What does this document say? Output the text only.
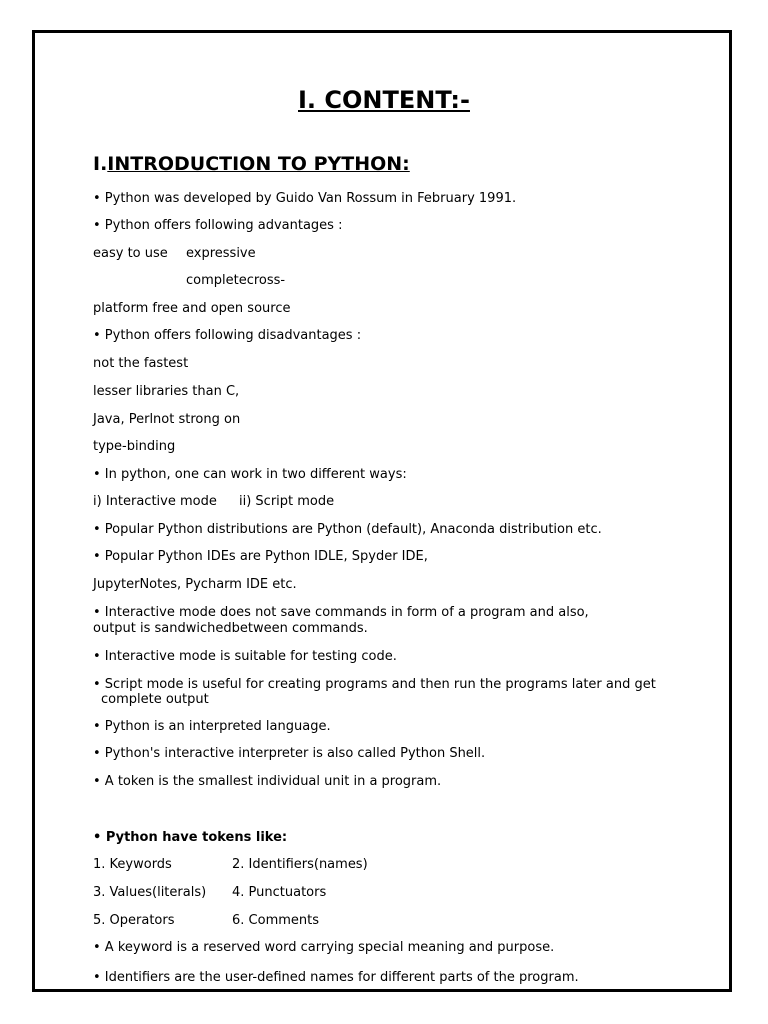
I. CONTENT:-
I.INTRODUCTION TO PYTHON:
• Python was developed by Guido Van Rossum in February 1991.
• Python offers following advantages :
easy to use expressive
completecross-
platform free and open source
• Python offers following disadvantages :
not the fastest
lesser libraries than C,
Java, Perlnot strong on
type-binding
• In python, one can work in two different ways:
i) Interactive mode ii) Script mode
• Popular Python distributions are Python (default), Anaconda distribution etc.
• Popular Python IDEs are Python IDLE, Spyder IDE,
JupyterNotes, Pycharm IDE etc.
• Interactive mode does not save commands in form of a program and also,
output is sandwichedbetween commands.
• Interactive mode is suitable for testing code.
• Script mode is useful for creating programs and then run the programs later and get
complete output
• Python is an interpreted language.
• Python's interactive interpreter is also called Python Shell.
• A token is the smallest individual unit in a program.
• Python have tokens like:
1. Keywords	2. Identifiers(names)
3. Values(literals) 4. Punctuators
5. Operators	6. Comments
• A keyword is a reserved word carrying special meaning and purpose.
• Identifiers are the user-defined names for different parts of the program.
